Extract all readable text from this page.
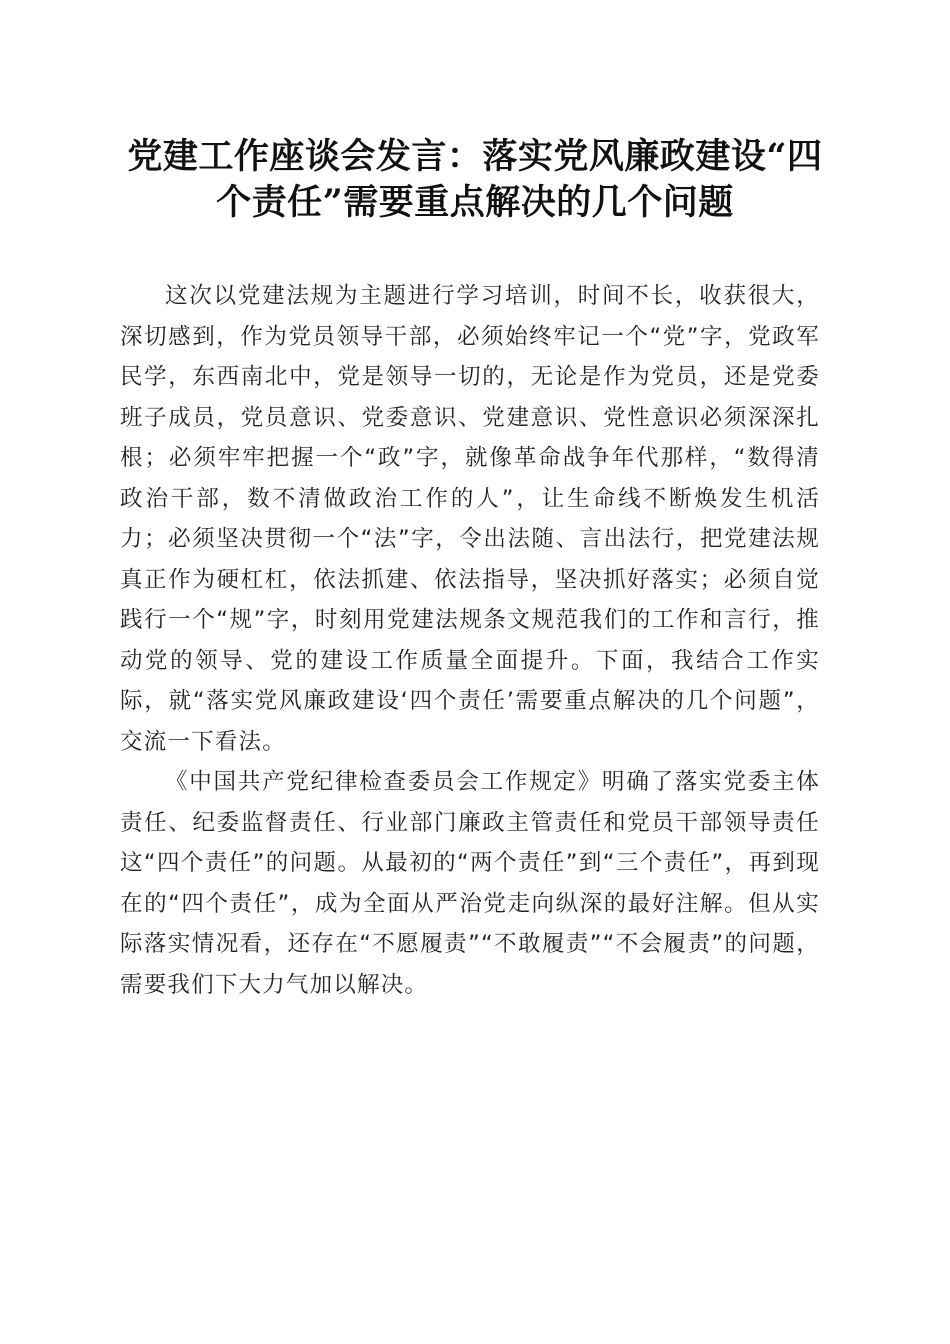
党建工作座谈会发言：落实党风廉政建设“四
个责任”需要重点解决的几个问题

这次以党建法规为主题进行学习培训，时间不长，收获很大，深切感到，作为党员领导干部，必须始终牢记一个“党”字，党政军民学，东西南北中，党是领导一切的，无论是作为党员，还是党委班子成员，党员意识、党委意识、党建意识、党性意识必须深深扎根；必须牢牢把握一个“政”字，就像革命战争年代那样，“数得清政治干部，数不清做政治工作的人”，让生命线不断焕发生机活力；必须坚决贯彻一个“法”字，令出法随、言出法行，把党建法规真正作为硬杠杠，依法抓建、依法指导，坚决抓好落实；必须自觉践行一个“规”字，时刻用党建法规条文规范我们的工作和言行，推动党的领导、党的建设工作质量全面提升。下面，我结合工作实际，就“落实党风廉政建设‘四个责任’需要重点解决的几个问题”，交流一下看法。

《中国共产党纪律检查委员会工作规定》明确了落实党委主体责任、纪委监督责任、行业部门廉政主管责任和党员干部领导责任这“四个责任”的问题。从最初的“两个责任”到“三个责任”，再到现在的“四个责任”，成为全面从严治党走向纵深的最好注解。但从实际落实情况看，还存在“不愿履责”“不敢履责”“不会履责”的问题，需要我们下大力气加以解决。
